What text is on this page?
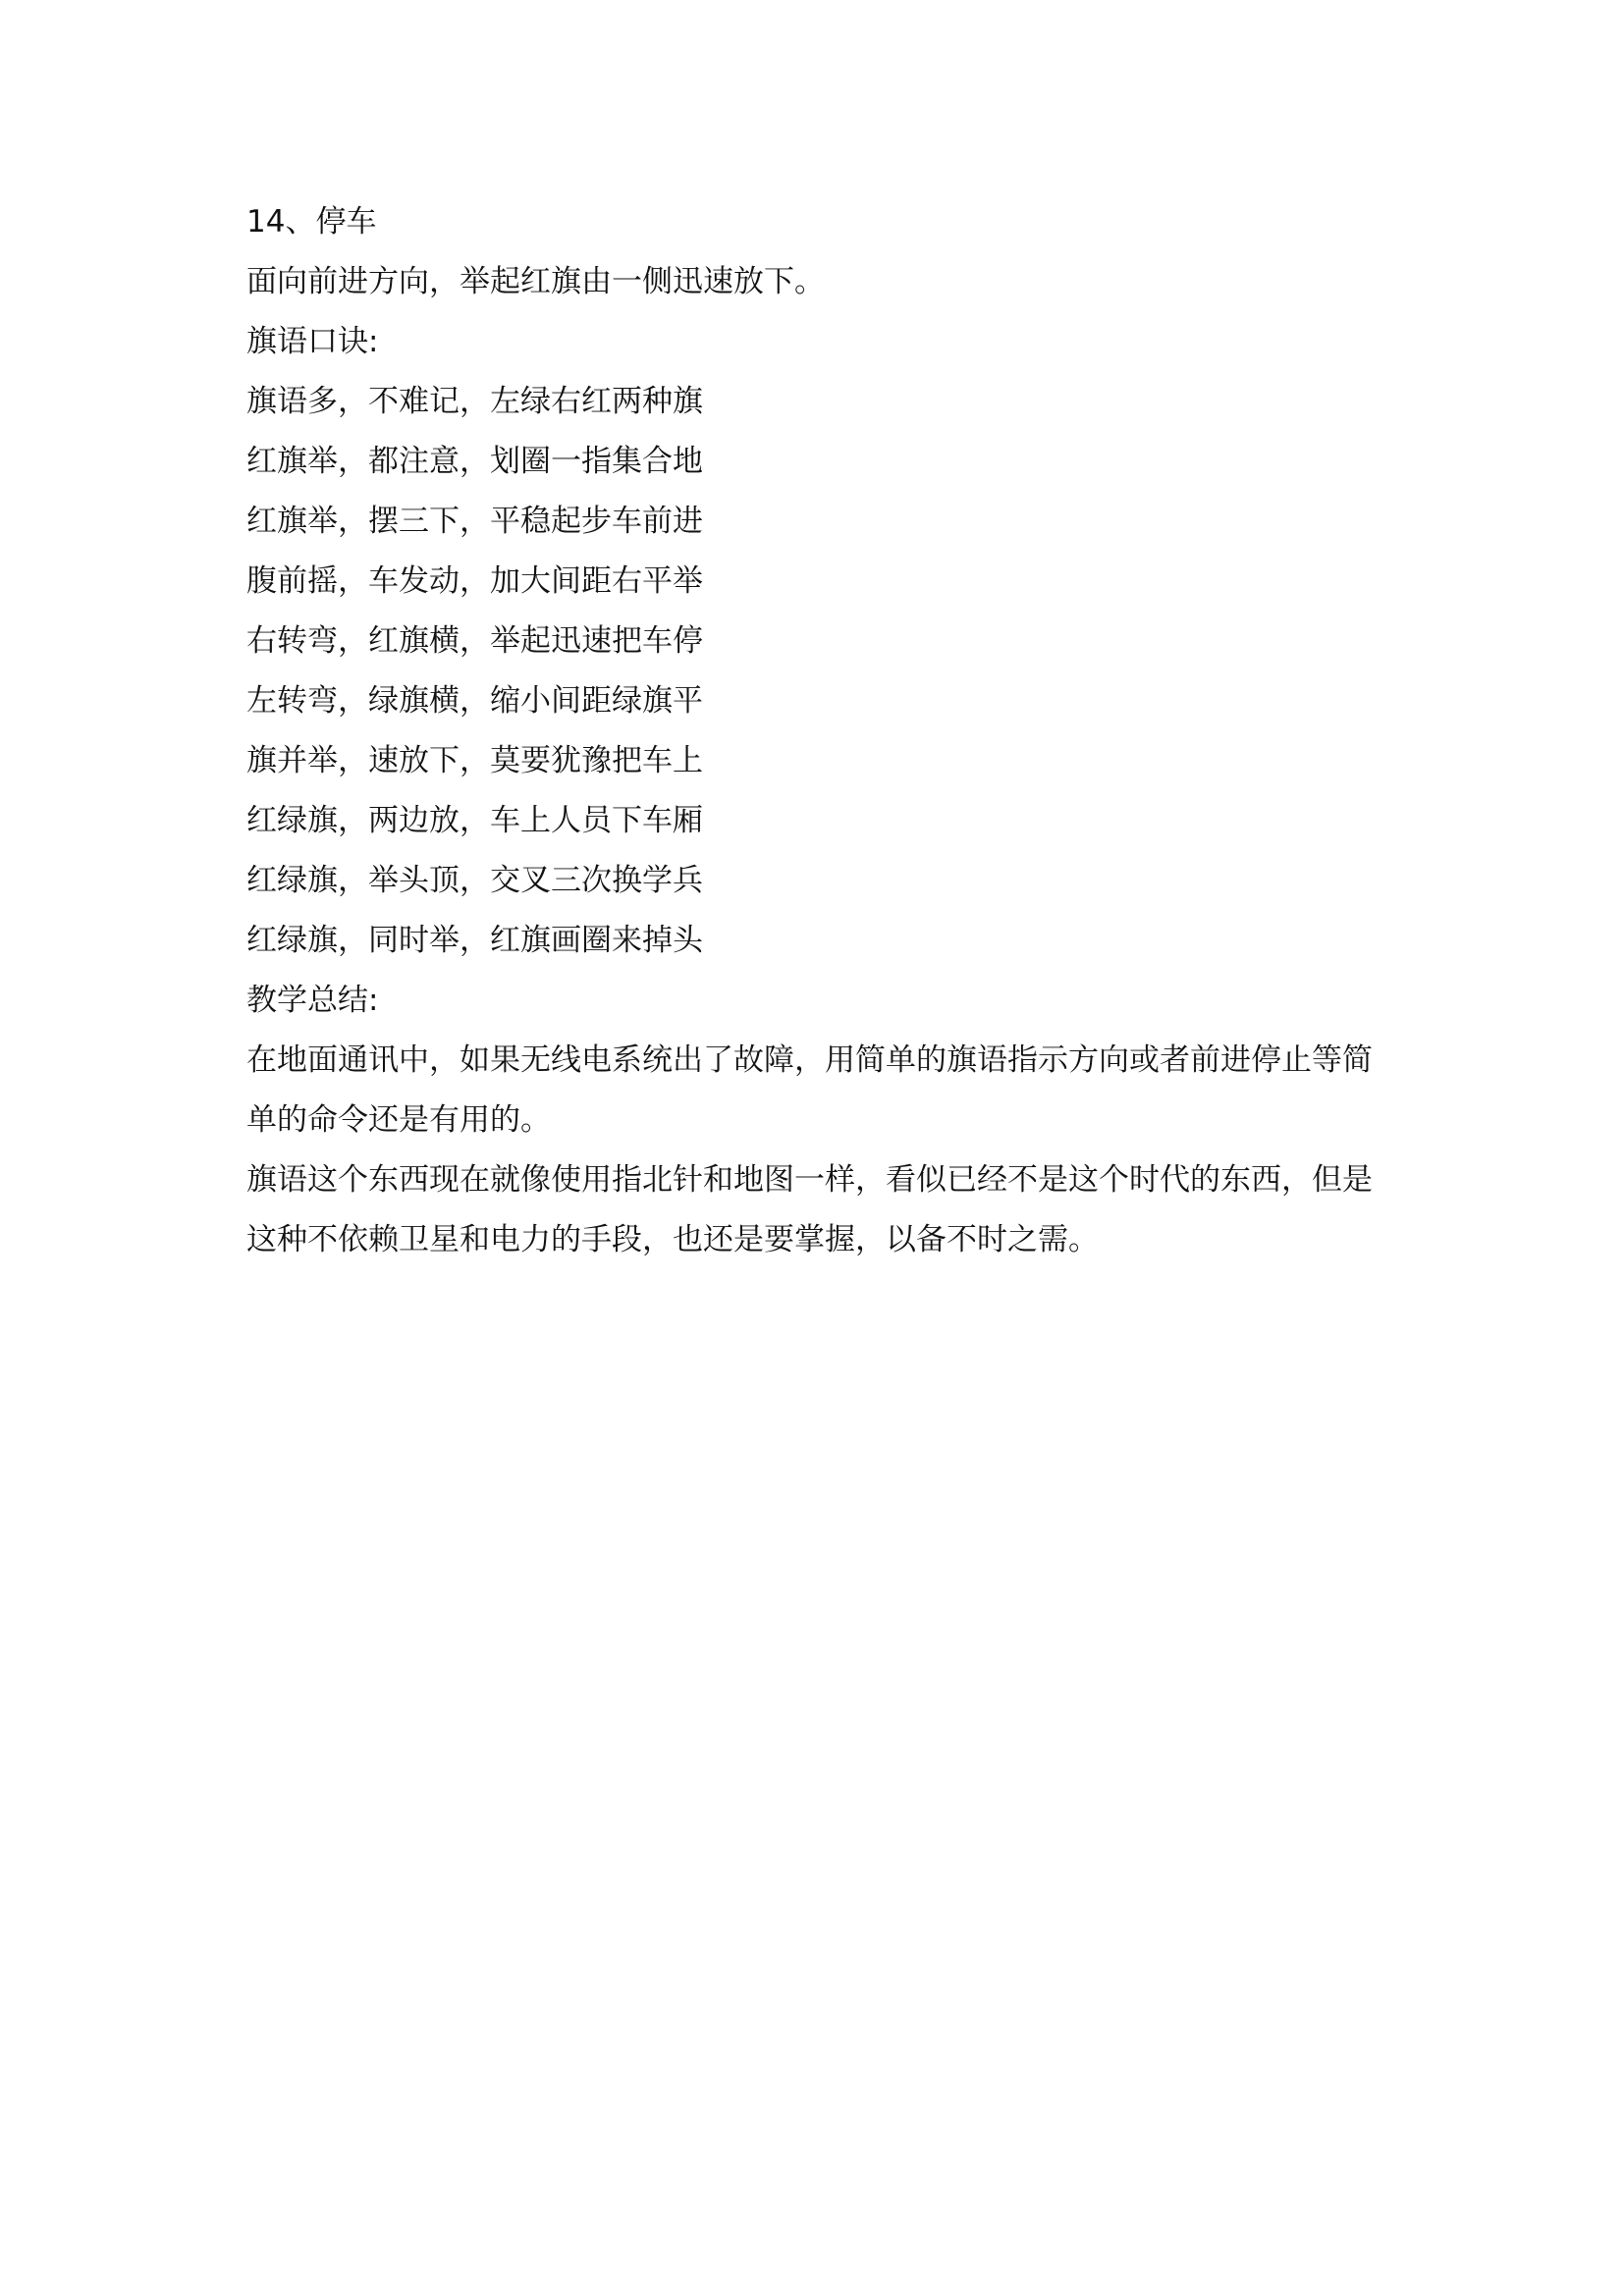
14、停车
面向前进方向，举起红旗由一侧迅速放下。
旗语口诀:
旗语多，不难记，左绿右红两种旗
红旗举，都注意，划圈一指集合地
红旗举，摆三下，平稳起步车前进
腹前摇，车发动，加大间距右平举
右转弯，红旗横，举起迅速把车停
左转弯，绿旗横，缩小间距绿旗平
旗并举，速放下，莫要犹豫把车上
红绿旗，两边放，车上人员下车厢
红绿旗，举头顶，交叉三次换学兵
红绿旗，同时举，红旗画圈来掉头
教学总结:
在地面通讯中，如果无线电系统出了故障，用简单的旗语指示方向或者前进停止等简单的命令还是有用的。
旗语这个东西现在就像使用指北针和地图一样，看似已经不是这个时代的东西，但是这种不依赖卫星和电力的手段，也还是要掌握，以备不时之需。
